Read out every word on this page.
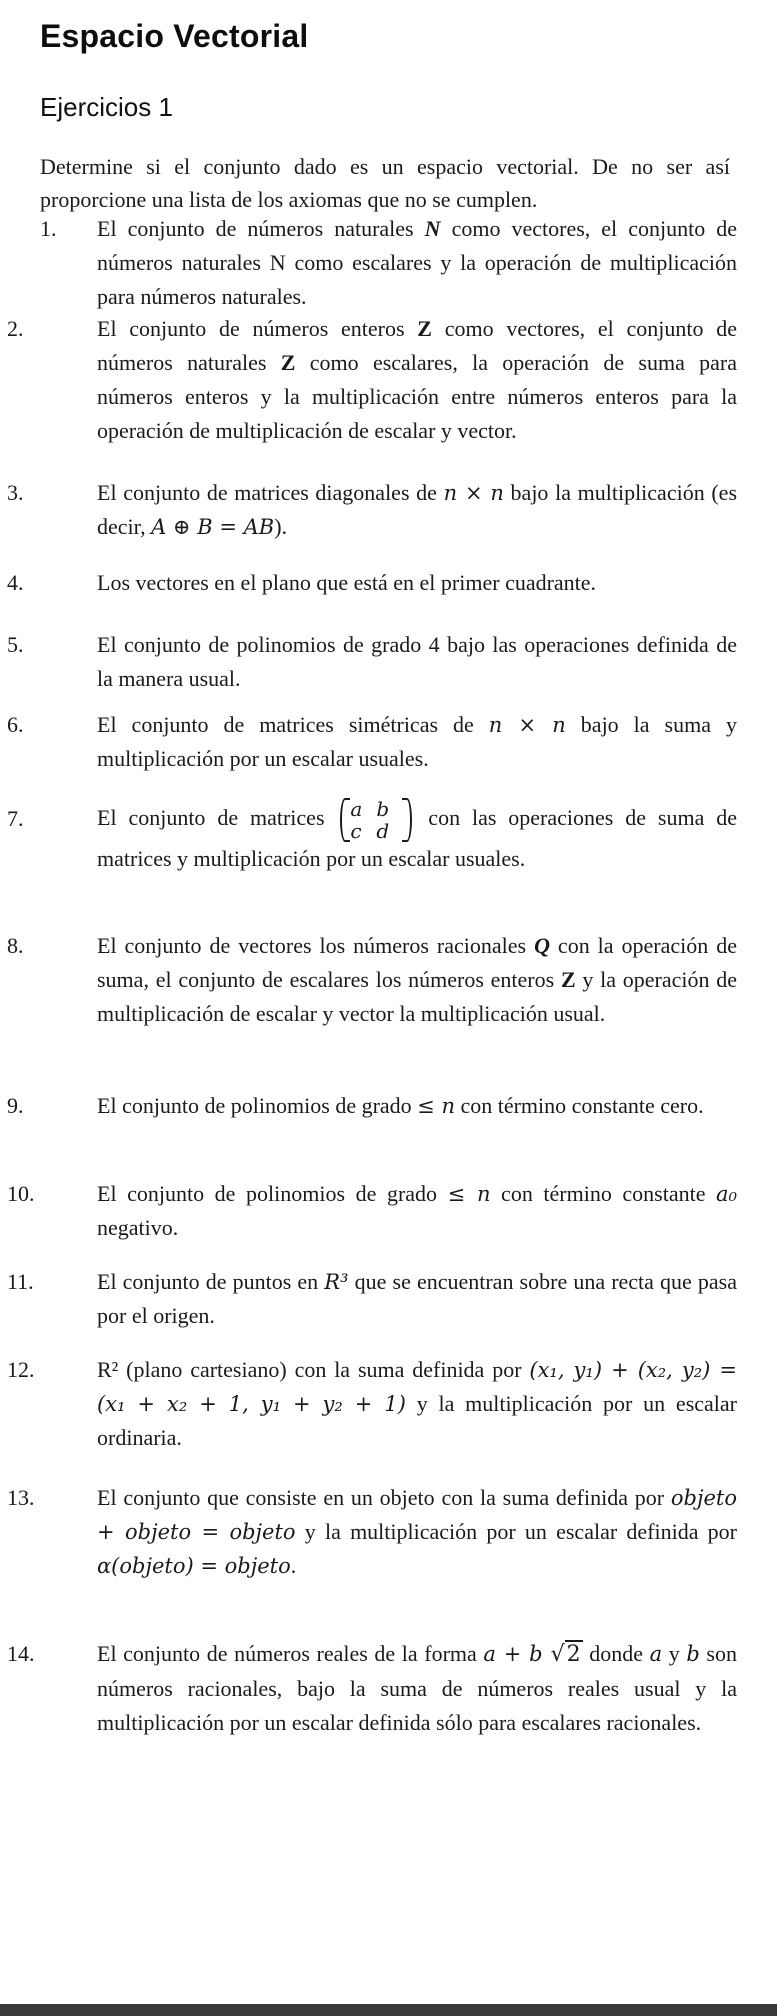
Espacio Vectorial
Ejercicios 1
Determine si el conjunto dado es un espacio vectorial. De no ser así proporcione una lista de los axiomas que no se cumplen.
1. El conjunto de números naturales N como vectores, el conjunto de números naturales N como escalares y la operación de multiplicación para números naturales.
2.	El conjunto de números enteros Z como vectores, el conjunto de números naturales Z como escalares, la operación de suma para números enteros y la multiplicación entre números enteros para la operación de multiplicación de escalar y vector.
3.	El conjunto de matrices diagonales de n × n bajo la multiplicación (es decir, A ⊕ B = AB).
4.	Los vectores en el plano que está en el primer cuadrante.
5.	El conjunto de polinomios de grado 4 bajo las operaciones definida de la manera usual.
6.	El conjunto de matrices simétricas de n × n bajo la suma y multiplicación por un escalar usuales.
7.	El conjunto de matrices a b
c d
con las operaciones de suma de matrices y multiplicación por un escalar usuales.
8.	El conjunto de vectores los números racionales Q con la operación de suma, el conjunto de escalares los números enteros Z y la operación de multiplicación de escalar y vector la multiplicación usual.
9.	El conjunto de polinomios de grado ≤ n con término constante cero.
10.	El conjunto de polinomios de grado ≤ n con término constante a₀ negativo.
11.	El conjunto de puntos en R³ que se encuentran sobre una recta que pasa por el origen.
12.	R² (plano cartesiano) con la suma definida por (x₁, y₁) + (x₂, y₂) = (x₁ + x₂ + 1, y₁ + y₂ + 1) y la multiplicación por un escalar ordinaria.
13.	El conjunto que consiste en un objeto con la suma definida por objeto + objeto = objeto y la multiplicación por un escalar definida por α(objeto) = objeto.
14.	El conjunto de números reales de la forma a + b √2 donde a y b son números racionales, bajo la suma de números reales usual y la multiplicación por un escalar definida sólo para escalares racionales.
